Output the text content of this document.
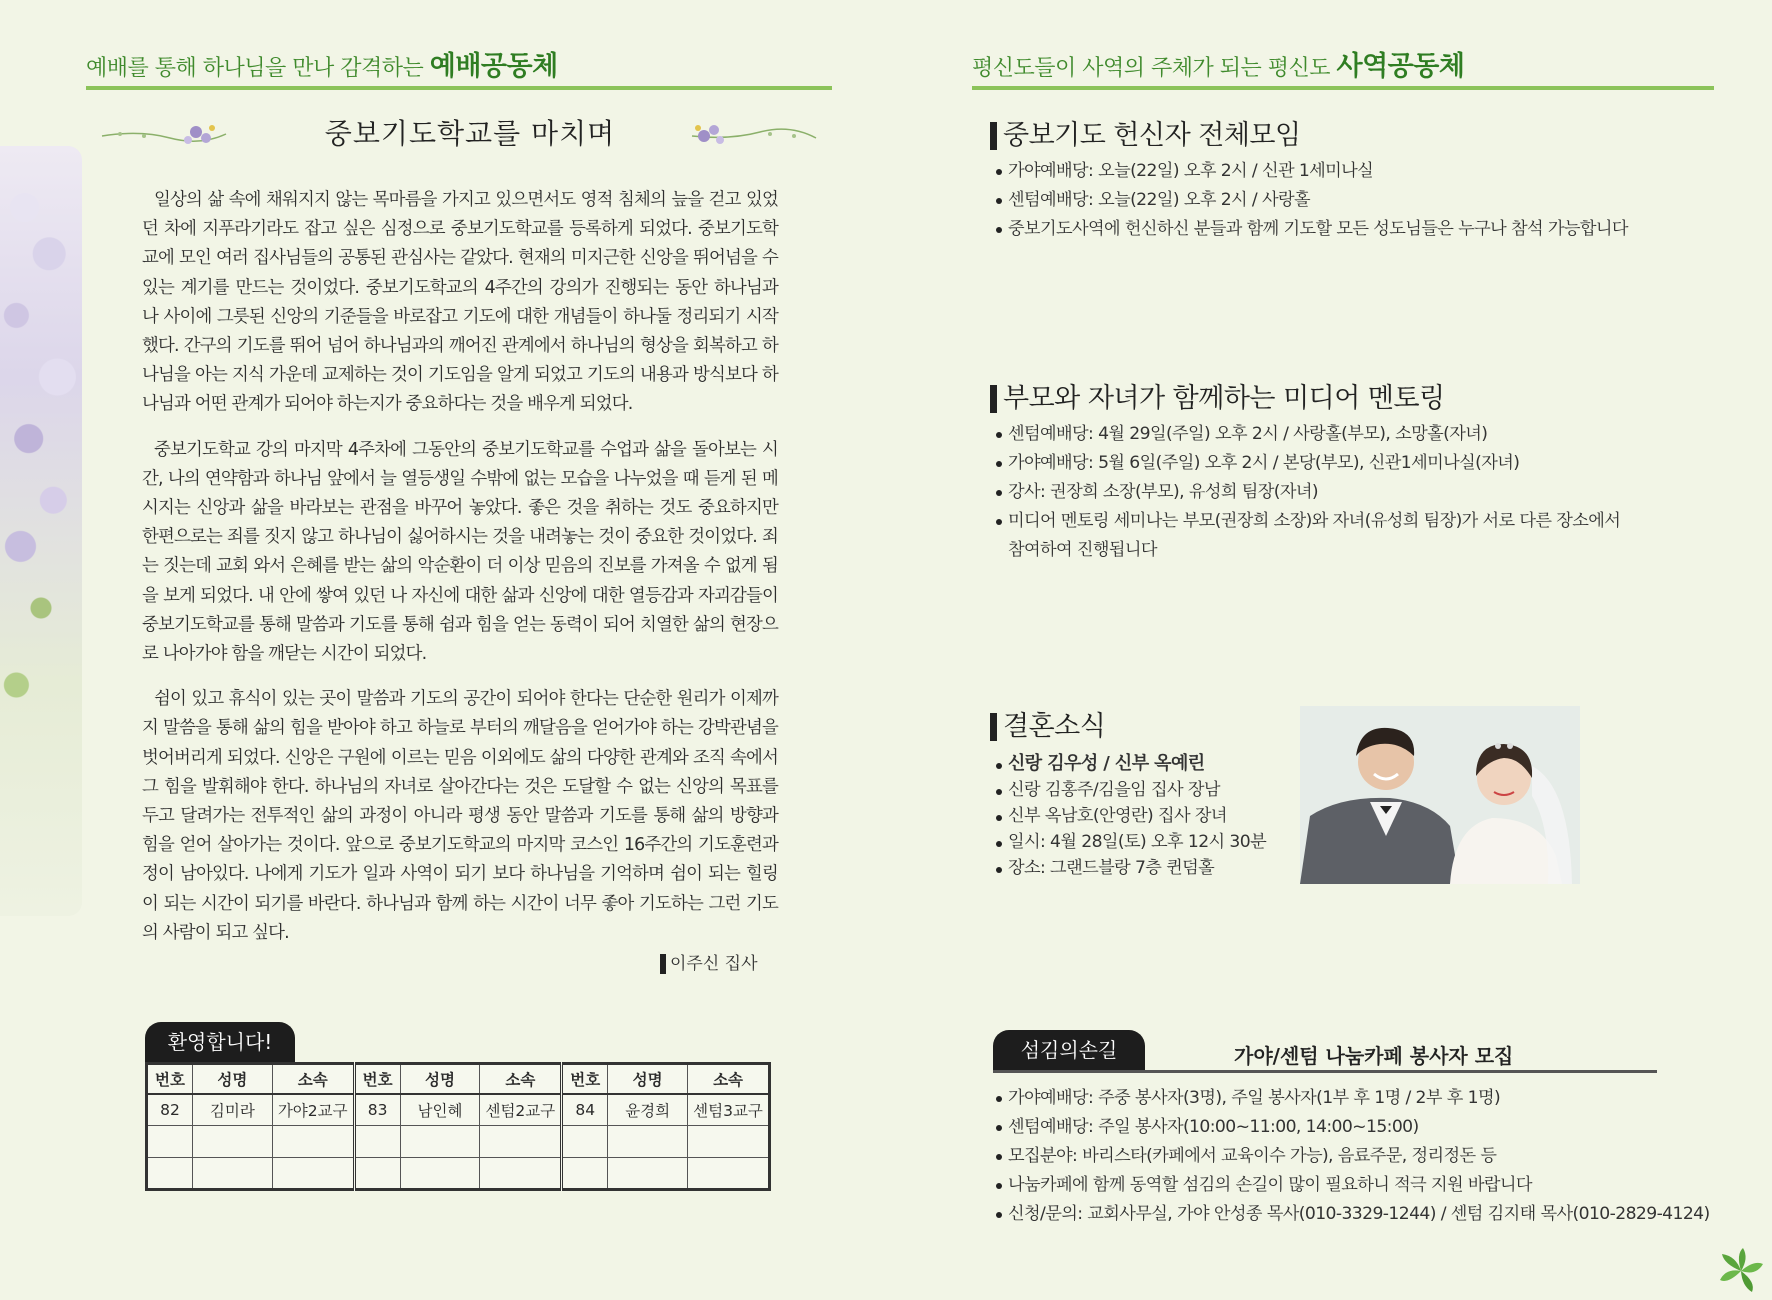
예배를 통해 하나님을 만나 감격하는 예배공동체	평신도들이 사역의 주체가 되는 평신도 사역공동체
중보기도학교를 마치며

일상의 삶 속에 채워지지 않는 목마름을 가지고 있으면서도 영적 침체의 늪을 걷고 있었던 차에 지푸라기라도 잡고 싶은 심정으로 중보기도학교를 등록하게 되었다. 중보기도학교에 모인 여러 집사님들의 공통된 관심사는 같았다. 현재의 미지근한 신앙을 뛰어넘을 수 있는 계기를 만드는 것이었다. 중보기도학교의 4주간의 강의가 진행되는 동안 하나님과 나 사이에 그릇된 신앙의 기준들을 바로잡고 기도에 대한 개념들이 하나둘 정리되기 시작했다. 간구의 기도를 뛰어 넘어 하나님과의 깨어진 관계에서 하나님의 형상을 회복하고 하나님을 아는 지식 가운데 교제하는 것이 기도임을 알게 되었고 기도의 내용과 방식보다 하나님과 어떤 관계가 되어야 하는지가 중요하다는 것을 배우게 되었다.

중보기도학교 강의 마지막 4주차에 그동안의 중보기도학교를 수업과 삶을 돌아보는 시간, 나의 연약함과 하나님 앞에서 늘 열등생일 수밖에 없는 모습을 나누었을 때 듣게 된 메시지는 신앙과 삶을 바라보는 관점을 바꾸어 놓았다. 좋은 것을 취하는 것도 중요하지만 한편으로는 죄를 짓지 않고 하나님이 싫어하시는 것을 내려놓는 것이 중요한 것이었다. 죄는 짓는데 교회 와서 은혜를 받는 삶의 악순환이 더 이상 믿음의 진보를 가져올 수 없게 됨을 보게 되었다. 내 안에 쌓여 있던 나 자신에 대한 삶과 신앙에 대한 열등감과 자괴감들이 중보기도학교를 통해 말씀과 기도를 통해 쉼과 힘을 얻는 동력이 되어 치열한 삶의 현장으로 나아가야 함을 깨닫는 시간이 되었다.

쉼이 있고 휴식이 있는 곳이 말씀과 기도의 공간이 되어야 한다는 단순한 원리가 이제까지 말씀을 통해 삶의 힘을 받아야 하고 하늘로 부터의 깨달음을 얻어가야 하는 강박관념을 벗어버리게 되었다. 신앙은 구원에 이르는 믿음 이외에도 삶의 다양한 관계와 조직 속에서 그 힘을 발휘해야 한다. 하나님의 자녀로 살아간다는 것은 도달할 수 없는 신앙의 목표를 두고 달려가는 전투적인 삶의 과정이 아니라 평생 동안 말씀과 기도를 통해 삶의 방향과 힘을 얻어 살아가는 것이다. 앞으로 중보기도학교의 마지막 코스인 16주간의 기도훈련과정이 남아있다. 나에게 기도가 일과 사역이 되기 보다 하나님을 기억하며 쉼이 되는 힐링이 되는 시간이 되기를 바란다. 하나님과 함께 하는 시간이 너무 좋아 기도하는 그런 기도의 사람이 되고 싶다.

이주신 집사
환영합니다!
번호	성명	소속	번호	성명	소속	번호	성명	소속
82	김미라	가야2교구	83	남인혜	센텀2교구	84	윤경희	센텀3교구

중보기도 헌신자 전체모임
가야예배당: 오늘(22일) 오후 2시 / 신관 1세미나실
센텀예배당: 오늘(22일) 오후 2시 / 사랑홀
중보기도사역에 헌신하신 분들과 함께 기도할 모든 성도님들은 누구나 참석 가능합니다
부모와 자녀가 함께하는 미디어 멘토링
센텀예배당: 4월 29일(주일) 오후 2시 / 사랑홀(부모), 소망홀(자녀)
가야예배당: 5월 6일(주일) 오후 2시 / 본당(부모), 신관1세미나실(자녀)
강사: 권장희 소장(부모), 유성희 팀장(자녀)
미디어 멘토링 세미나는 부모(권장희 소장)와 자녀(유성희 팀장)가 서로 다른 장소에서
참여하여 진행됩니다
결혼소식
신랑 김우성 / 신부 옥예린
신랑 김홍주/김을임 집사 장남
신부 옥남호(안영란) 집사 장녀
일시: 4월 28일(토) 오후 12시 30분
장소: 그랜드블랑 7층 퀸덤홀
섬김의손길	가야/센텀 나눔카페 봉사자 모집
가야예배당: 주중 봉사자(3명), 주일 봉사자(1부 후 1명 / 2부 후 1명)
센텀예배당: 주일 봉사자(10:00~11:00, 14:00~15:00)
모집분야: 바리스타(카페에서 교육이수 가능), 음료주문, 정리정돈 등
나눔카페에 함께 동역할 섬김의 손길이 많이 필요하니 적극 지원 바랍니다
신청/문의: 교회사무실, 가야 안성종 목사(010-3329-1244) / 센텀 김지태 목사(010-2829-4124)
